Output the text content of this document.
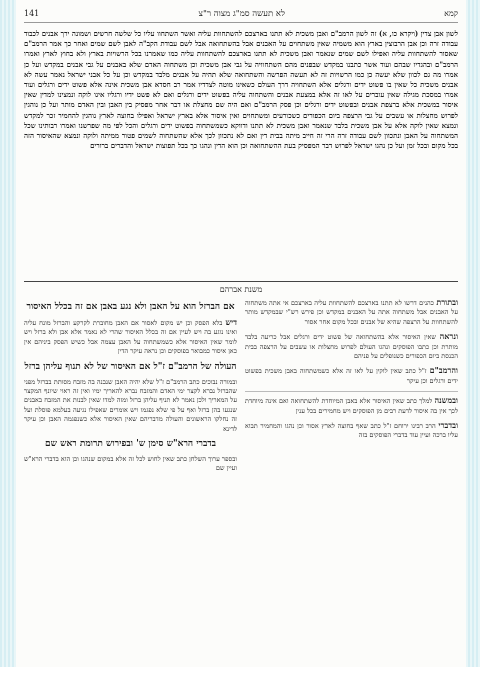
141	לא תעשה סמ"ג מצוה ר"צ	קמא
לשון אבן צדין (ויקרא כו, א) זה לשון הרמב"ם ואבן משכית לא תתנו בארצכם להשתחוות עליה ואשר השתחוו עליו כל שלשה חרשים ושמונה ירך אבנים לכבוד עבודה זרה וכן אבן הרבוצין בארץ הוא משמיה שאין משתחוים על האבנים אבל בהשתחואה אבל לשם עבודת הקב"ה לאבן לשם שמים ואחר כך אמר הרמב"ם שאסור להשתחוות עליה ואפילו לשם שמים שנאמר ואבן משכית לא תתנו בארצכם להשתחוות עליה כמו שאמרנו בכל הרשויות בארץ ולא בחוץ לארץ ואמרו הרמב"ם ובהגדיו שבהם ועוד אשר כתבנו במקדש שבפנים מהם השתחוויה על גבי אבן משכית וכן משתחוה האדם שלא באבנים על גבי אבנים במקדש ועל כן אמרו מה גם לכוון שלא יעשה כן כמו הרשויות זה לא תעשה הפרשה והשתחואה שלא תהיה על אבנים מלבד במקדש וכן על כל אבני ישראל נאמר עשה לא אבנים משכית כל שאין בו פשוט ידים ורגלים אלא השתחויה דרך העולם כשאינו מוטה לצדדיו אמר רב חסדא אבן משכית אינה אלא פשוט ידים ורגלים ועוד אמרו במסכת מגילה שאין עוברים על לאו זה אלא במצעת אבנים והשתחוה עליה בפשוט ידים ורגלים ואם לא פשט ידיו ורגליו אינו לוקה ונמצינו למדין שאין איסור במשכית אלא ברצפת אבנים ובפשוט ידים ורגלים וכן פסק הרמב"ם ואם היה שם מחצלת או דבר אחר מפסיק בין האבן ובין האדם מותר ועל כן נוהגין לפרוש מחצלות או עשבים על גבי הרצפה ביום הכפורים כשכורעים ומשתחוים ואין איסור אלא בארץ ישראל ואפילו בחוצה לארץ נוהגין להחמיר זכר למקדש ונמצא שאין לוקה אלא על אבן משכית בלבד שנאמר ואבן משכית לא תתנו ודווקא כשמשתחוה בפשוט ידים ורגלים והכל לפי מה שפרשנו ואמרו רבותינו שכל המשתחוה על האבן ונתכוון לשם עבודה זרה הרי זה חייב מיתה בבית דין ואם לא נתכוון לכך אלא שהשתחוה לשמים פטור ממיתה ולוקה ונמצא שהאיסור הזה בכל מקום ובכל זמן ועל כן נהגו ישראל לפרוש דבר המפסיק בעת ההשתחואה וכן הוא הדין ונהגו כך בכל תפוצות ישראל והדברים ברורים
משנת אברהם

ובתורת כהנים דרשו לא תתנו בארצכם להשתחוות עליה בארצכם אי אתה משתחוה על האבנים אבל משתחוה אתה על האבנים במקדש וכן פירש רש"י שבמקדש מותר להשתחוות על הרצפה שהיא של אבנים ובכל מקום אחר אסור

ונראה שאין האיסור אלא בהשתחואה של פשוט ידים ורגלים אבל כריעה בלבד מותרת וכן כתבו הפוסקים ונהגו העולם לפרוש מחצלות או עשבים על הרצפה בבית הכנסת ביום הכפורים כשנופלים על פניהם

והרמב"ם ז"ל כתב שאין לוקין על לאו זה אלא כשמשתחוה באבן משכית בפשוט ידים ורגלים וכן עיקר

ובמשנה למלך כתב שאין האיסור אלא באבן המיוחדת להשתחואה ואם אינה מיוחדת לכך אין בה איסור לדעת רבים מן הפוסקים ויש מחמירים בכל ענין

ובדברי הרב רבינו ירוחם ז"ל כתב שאף בחוצה לארץ אסור וכן נהגו והמחמיר תבוא עליו ברכה ועיין עוד בדברי הפוסקים בזה

אם הברזל הוא על האבן ולא נגע באבן אם זה בכלל האיסור

דיש בלא הפסק וכן יש מקום לאסור אם האבן מחוברת לקרקע והברזל מונח עליה ואינו נוגע בה ויש לעיין אם זה בכלל האיסור שהרי לא נאמר אלא אבן ולא ברזל ויש לומר שאין האיסור אלא כשמשתחוה על האבן עצמה אבל כשיש הפסק ביניהם אין כאן איסור כמבואר בפוסקים וכן נראה עיקר הדין

העולה של הרמב"ם ז"ל אם האיסור של לא תנוף עליהן ברזל

ובמורה נבוכים כתב הרמב"ם ז"ל שלא יהיה האבן שנבנה בה מזבח מסותת בברזל מפני שהברזל נברא לקצר ימי האדם והמזבח נברא להאריך ימיו ואין זה ראוי שיונף המקצר על המאריך ולכן נאמר לא תניף עליהן ברזל ומזה למדו שאין לבנות את המזבח באבנים שנגעו בהן ברזל ואף על פי שלא נפגמו ויש אומרים שאפילו נגיעה בעלמא פוסלת ועל זה נחלקו הראשונים והעולה מדבריהם שאין האיסור אלא כשנפגמה האבן וכן עיקר לדינא

בדברי הרא"ש סימן ש' ובפירוש תרומת ראש שם

ובספר ערוך השלחן כתב שאין לחוש לכל זה אלא במקום שנהגו וכן הוא בדברי הרא"ש ועיין שם
